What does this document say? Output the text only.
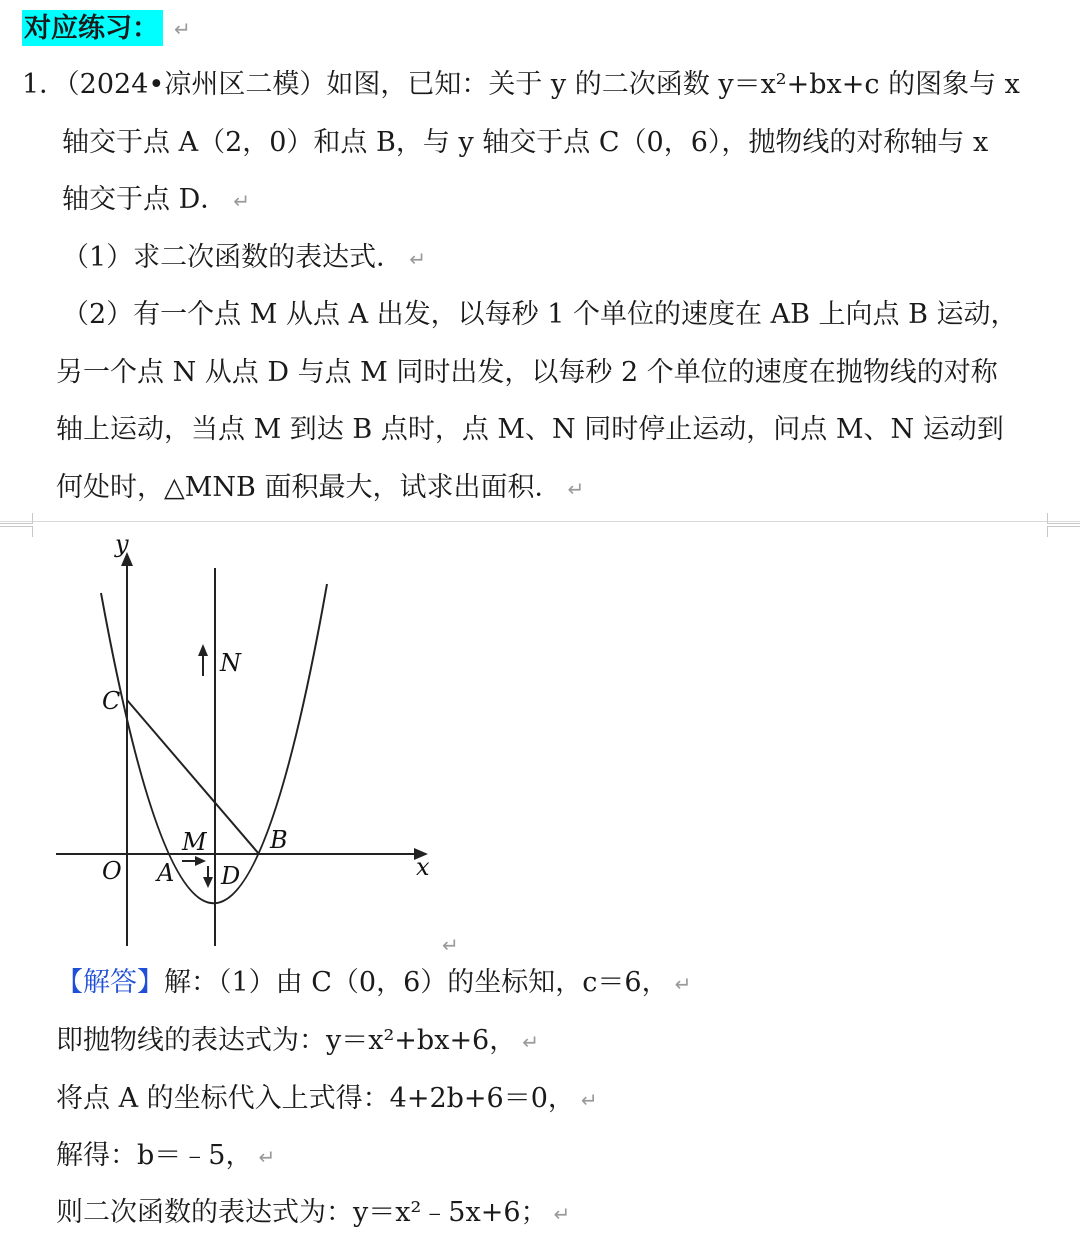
对应练习： ↵
1．（2024•凉州区二模）如图，已知：关于 y 的二次函数 y＝x²+bx+c 的图象与 x
轴交于点 A（2，0）和点 B，与 y 轴交于点 C（0，6），抛物线的对称轴与 x
轴交于点 D． ↵
（1）求二次函数的表达式． ↵
（2）有一个点 M 从点 A 出发，以每秒 1 个单位的速度在 AB 上向点 B 运动，
另一个点 N 从点 D 与点 M 同时出发，以每秒 2 个单位的速度在抛物线的对称
轴上运动，当点 M 到达 B 点时，点 M、N 同时停止运动，问点 M、N 运动到
何处时，△MNB 面积最大，试求出面积． ↵
y
x
O A
B
C
D
M
N
↵
【解答】解：（1）由 C（0，6）的坐标知，c＝6， ↵
即抛物线的表达式为：y＝x²+bx+6， ↵
将点 A 的坐标代入上式得：4+2b+6＝0， ↵
解得：b＝﹣5， ↵
则二次函数的表达式为：y＝x²﹣5x+6； ↵
